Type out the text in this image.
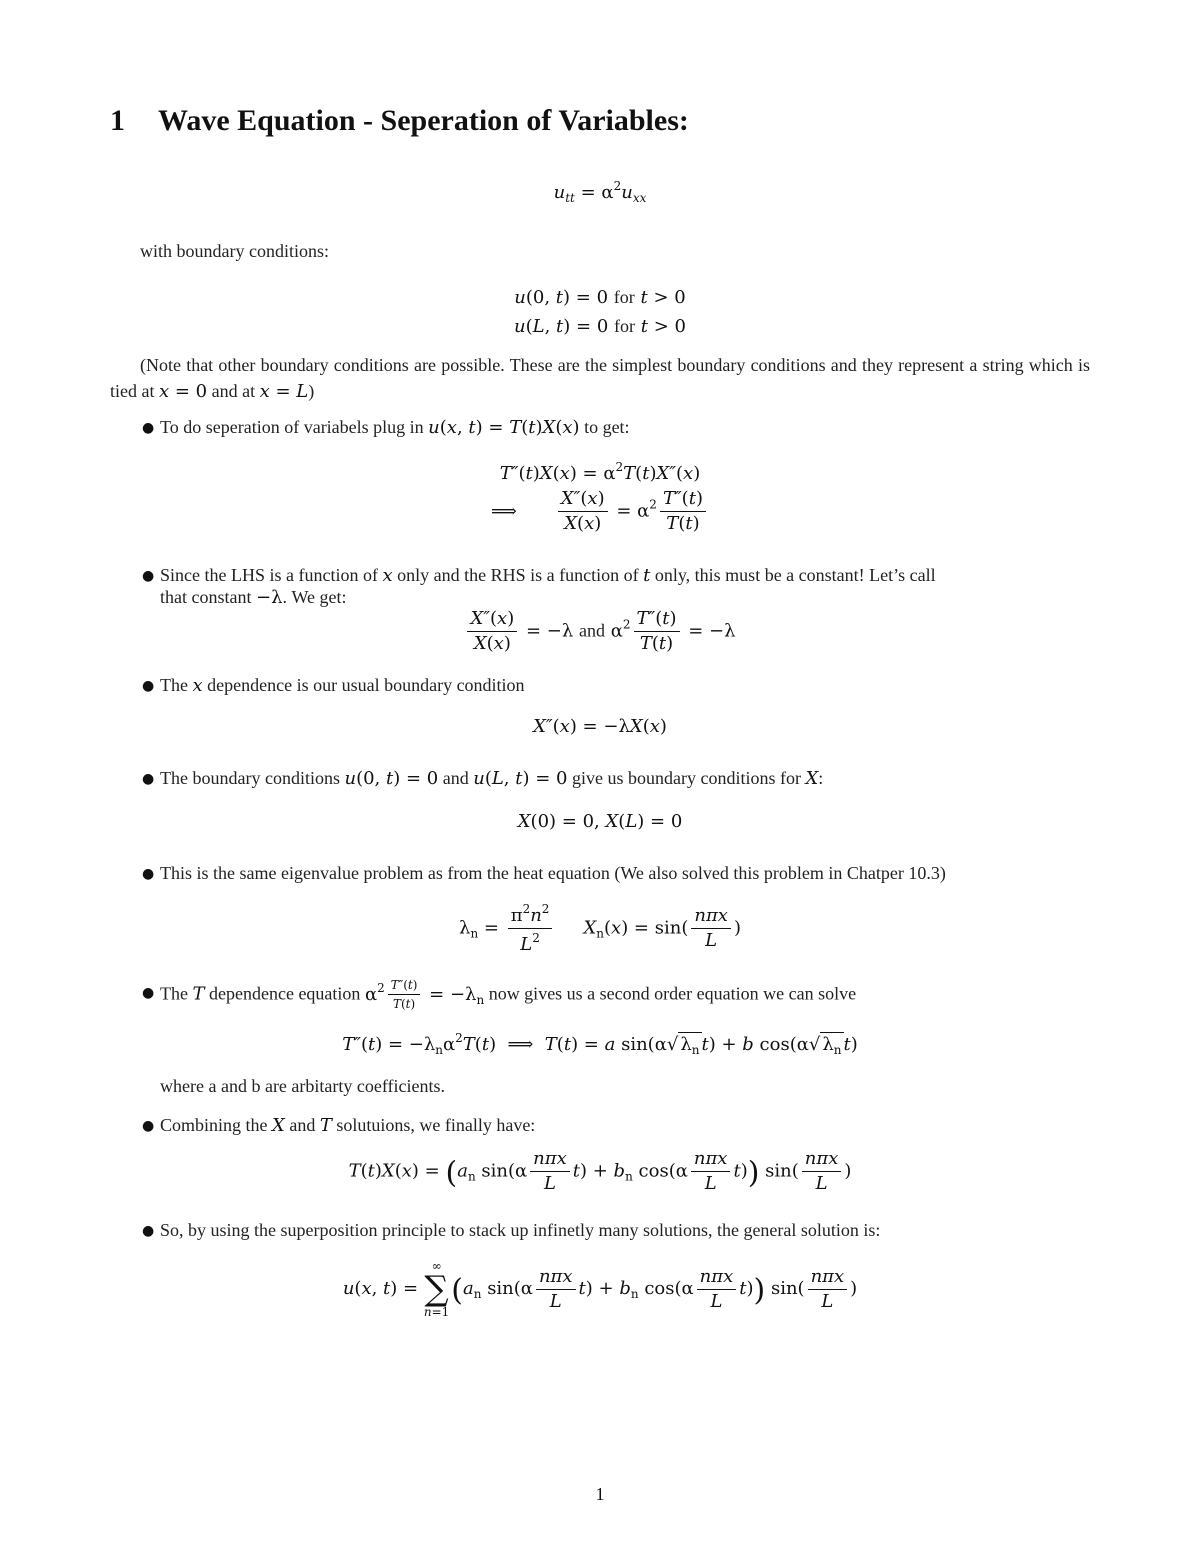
1 Wave Equation - Seperation of Variables:
$u_{tt} = \alpha^2u_{xx}$
with boundary conditions:
u(0, t) = 0 for t > 0
u(L, t) = 0 for t > 0
(Note that other boundary conditions are possible. These are the simplest boundary conditions and they represent a string which is tied at x = 0 and at x = L)
● To do seperation of variabels plug in u(x, t) = T(t)X(x) to get:
$T''(t)X(x) = \alpha^2T(t)X''(x)$
⟹ $\frac{X''(x)}{X(x)} = \alpha^2 \frac{T''(t)}{T(t)}$
● Since the LHS is a function of x only and the RHS is a function of t only, this must be a constant! Let’s call
that constant −λ. We get:
$\frac{X''(x)}{X(x)} = -\lambda$ and $\alpha^2 \frac{T''(t)}{T(t)} = -\lambda$
● The x dependence is our usual boundary condition
X″(x) = −λX(x)
● The boundary conditions u(0, t) = 0 and u(L, t) = 0 give us boundary conditions for X:
X(0) = 0, X(L) = 0
● This is the same eigenvalue problem as from the heat equation (We also solved this problem in Chatper 10.3)
$\lambda_n = \frac{\pi^2n^2}{L^2} X_n(x) = \sin( \frac{\text{nπx}}{L}$ )
● The T dependence equation $\alpha^2 \frac{T''(t)}{T(t)} = -\lambda_n$ now gives us a second order equation we can solve
$T''(t) = -\lambda_n\alpha^2T(t)$  ⟹  T(t) = a sin(α√ $\lambda_n$ t) + b cos(α√ $\lambda_n$ t)
where a and b are arbitarty coefficients.
● Combining the X and T solutuions, we finally have:
$T(t)X(x) = (a_n$ $\sin(\alpha \frac{\text{nπx}}{L} t) + b_n$ $\cos(\alpha \frac{\text{nπx}}{L} t)$) $\sin( \frac{\text{nπx}}{L}$ )
● So, by using the superposition principle to stack up infinetly many solutions, the general solution is:
u(x, t) =
∞
∑
n=1
($a_n$ $\sin(\alpha \frac{\text{nπx}}{L} t) + b_n$ $\cos(\alpha \frac{\text{nπx}}{L} t)$) $\sin( \frac{\text{nπx}}{L}$ )
1
